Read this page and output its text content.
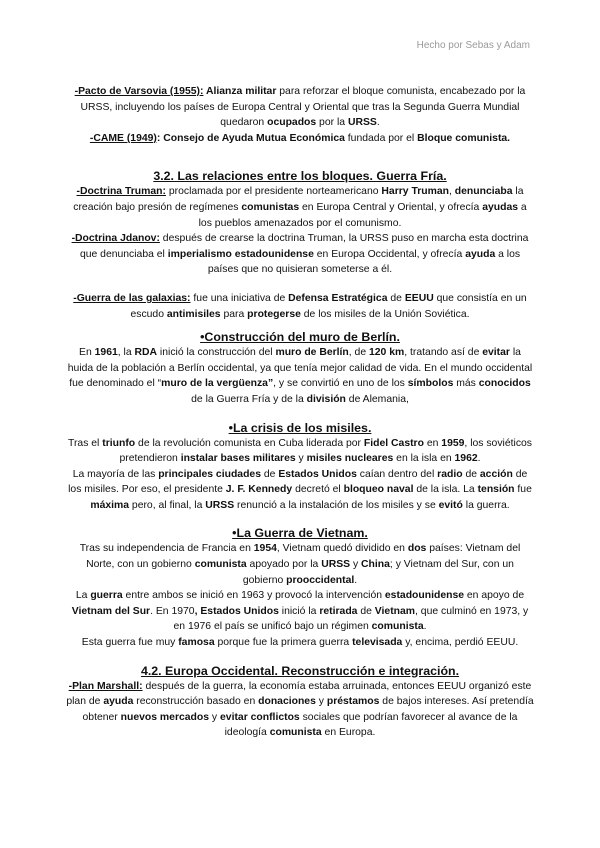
Hecho por Sebas y Adam

-Pacto de Varsovia (1955): Alianza militar para reforzar el bloque comunista, encabezado por la URSS, incluyendo los países de Europa Central y Oriental que tras la Segunda Guerra Mundial quedaron ocupados por la URSS.

-CAME (1949): Consejo de Ayuda Mutua Económica fundada por el Bloque comunista.

3.2. Las relaciones entre los bloques. Guerra Fría.

-Doctrina Truman: proclamada por el presidente norteamericano Harry Truman, denunciaba la creación bajo presión de regímenes comunistas en Europa Central y Oriental, y ofrecía ayudas a los pueblos amenazados por el comunismo.

-Doctrina Jdanov: después de crearse la doctrina Truman, la URSS puso en marcha esta doctrina que denunciaba el imperialismo estadounidense en Europa Occidental, y ofrecía ayuda a los países que no quisieran someterse a él.

-Guerra de las galaxias: fue una iniciativa de Defensa Estratégica de EEUU que consistía en un escudo antimisiles para protegerse de los misiles de la Unión Soviética.

•Construcción del muro de Berlín.

En 1961, la RDA inició la construcción del muro de Berlín, de 120 km, tratando así de evitar la huida de la población a Berlín occidental, ya que tenía mejor calidad de vida. En el mundo occidental fue denominado el “muro de la vergüenza”, y se convirtió en uno de los símbolos más conocidos de la Guerra Fría y de la división de Alemania,

•La crisis de los misiles.

Tras el triunfo de la revolución comunista en Cuba liderada por Fidel Castro en 1959, los soviéticos pretendieron instalar bases militares y misiles nucleares en la isla en 1962.

La mayoría de las principales ciudades de Estados Unidos caían dentro del radio de acción de los misiles. Por eso, el presidente J. F. Kennedy decretó el bloqueo naval de la isla. La tensión fue máxima pero, al final, la URSS renunció a la instalación de los misiles y se evitó la guerra.

•La Guerra de Vietnam.

Tras su independencia de Francia en 1954, Vietnam quedó dividido en dos países: Vietnam del Norte, con un gobierno comunista apoyado por la URSS y China; y Vietnam del Sur, con un gobierno prooccidental.

La guerra entre ambos se inició en 1963 y provocó la intervención estadounidense en apoyo de Vietnam del Sur. En 1970, Estados Unidos inició la retirada de Vietnam, que culminó en 1973, y en 1976 el país se unificó bajo un régimen comunista.

Esta guerra fue muy famosa porque fue la primera guerra televisada y, encima, perdió EEUU.

4.2. Europa Occidental. Reconstrucción e integración.

-Plan Marshall: después de la guerra, la economía estaba arruinada, entonces EEUU organizó este plan de ayuda reconstrucción basado en donaciones y préstamos de bajos intereses. Así pretendía obtener nuevos mercados y evitar conflictos sociales que podrían favorecer al avance de la ideología comunista en Europa.
